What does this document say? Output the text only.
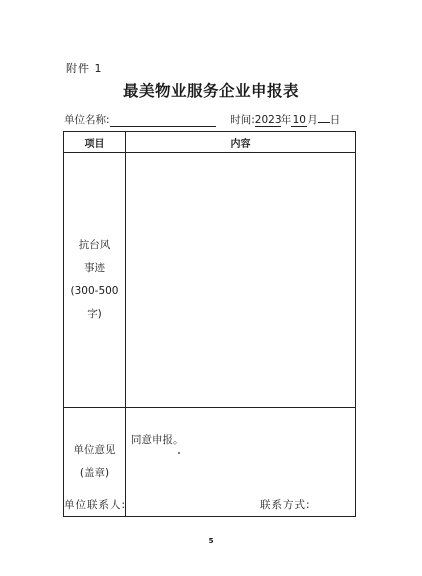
附件 1
最美物业服务企业申报表
单位名称:	时间:2023年10月 日
项目	内容

抗台风
事迹
(300-500
字)	

单位意见
(盖章)	同意申报。
单位联系人:	联系方式:
5
